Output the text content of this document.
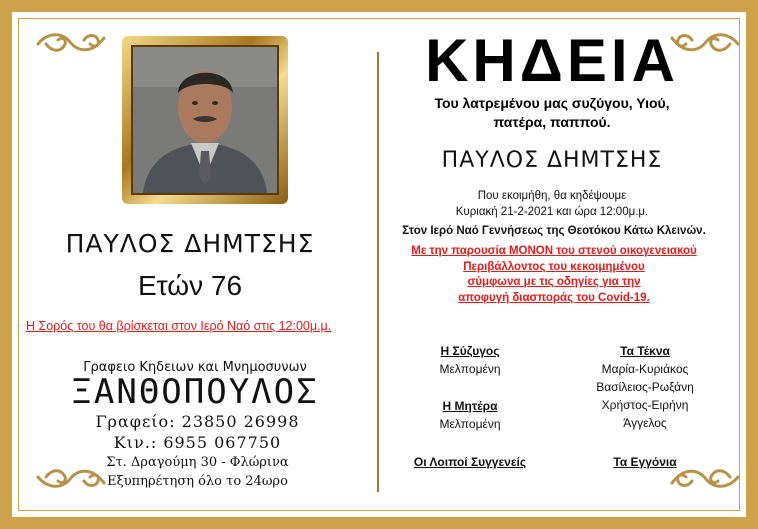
ΠΑΥΛΟΣ ΔΗΜΤΣΗΣ
Ετών 76
Η Σορός του θα βρίσκεται στον Ιερό Ναό στις 12:00μ.μ.
Γραφειο Κηδειων και Μνημοσυνων
ΞΑΝΘΟΠΟΥΛΟΣ
Γραφείο: 23850 26998
Κιν.: 6955 067750
Στ. Δραγούμη 30 - Φλώρινα
Εξυπηρέτηση όλο το 24ωρο
ΚΗΔΕΙΑ
Του λατρεμένου μας συζύγου, Υιού,
πατέρα, παππού.
ΠΑΥΛΟΣ ΔΗΜΤΣΗΣ
Που εκοιμήθη, θα κηδέψουμε
Κυριακή 21-2-2021 και ώρα 12:00μ.μ.
Στον Ιερό Ναό Γεννήσεως της Θεοτόκου Κάτω Κλεινών.
Με την παρουσία ΜΟΝΟΝ του στενού οικογενειακού
Περιβάλλοντος του κεκοιμημένου
σύμφωνα με τις οδηγίες για την
αποφυγή διασποράς του Covid-19.
Η Σύζυγος
Μελπομένη
Η Μητέρα
Μελπομένη
Οι Λοιποί Συγγενείς
Τα Τέκνα
Μαρία-Κυριάκος
Βασίλειος-Ρωξάνη
Χρήστος-Ειρήνη
Άγγελος
Τα Εγγόνια
